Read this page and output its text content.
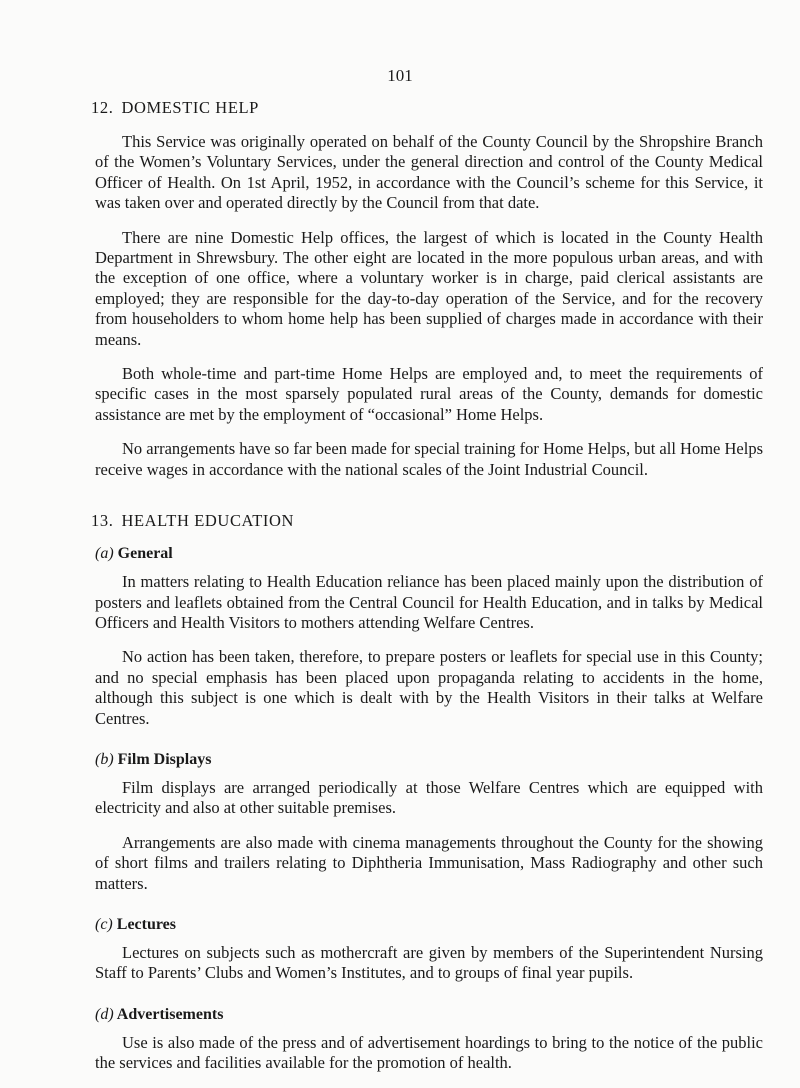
101
12. DOMESTIC HELP

This Service was originally operated on behalf of the County Council by the Shropshire Branch of the Women’s Voluntary Services, under the general direction and control of the County Medical Officer of Health. On 1st April, 1952, in accordance with the Council’s scheme for this Service, it was taken over and operated directly by the Council from that date.

There are nine Domestic Help offices, the largest of which is located in the County Health Department in Shrewsbury. The other eight are located in the more populous urban areas, and with the exception of one office, where a voluntary worker is in charge, paid clerical assistants are employed; they are responsible for the day-to-day operation of the Service, and for the recovery from householders to whom home help has been supplied of charges made in accordance with their means.

Both whole-time and part-time Home Helps are employed and, to meet the requirements of specific cases in the most sparsely populated rural areas of the County, demands for domestic assistance are met by the employment of “occasional” Home Helps.

No arrangements have so far been made for special training for Home Helps, but all Home Helps receive wages in accordance with the national scales of the Joint Industrial Council.

13. HEALTH EDUCATION
(a) General

In matters relating to Health Education reliance has been placed mainly upon the distribution of posters and leaflets obtained from the Central Council for Health Education, and in talks by Medical Officers and Health Visitors to mothers attending Welfare Centres.

No action has been taken, therefore, to prepare posters or leaflets for special use in this County; and no special emphasis has been placed upon propaganda relating to accidents in the home, although this subject is one which is dealt with by the Health Visitors in their talks at Welfare Centres.

(b) Film Displays

Film displays are arranged periodically at those Welfare Centres which are equipped with electricity and also at other suitable premises.

Arrangements are also made with cinema managements throughout the County for the showing of short films and trailers relating to Diphtheria Immunisation, Mass Radiography and other such matters.

(c) Lectures

Lectures on subjects such as mothercraft are given by members of the Superintendent Nursing Staff to Parents’ Clubs and Women’s Institutes, and to groups of final year pupils.

(d) Advertisements

Use is also made of the press and of advertisement hoardings to bring to the notice of the public the services and facilities available for the promotion of health.
